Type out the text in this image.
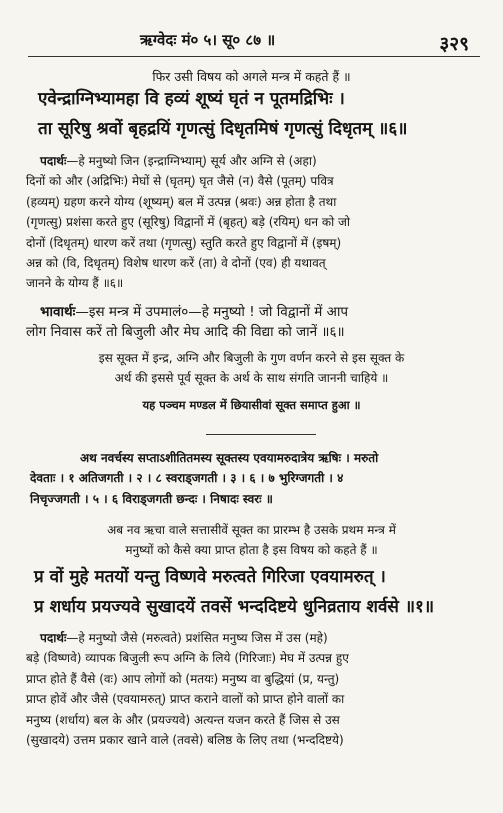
ऋग्वेदः मं० ५। सू० ८७ ॥	३२९

फिर उसी विषय को अगले मन्त्र में कहते हैं ॥

एवेन्द्राग्निभ्यामहा वि हव्यं शूष्यं घृतं न पूतमद्रिभिः ।

ता सूरिषु श्रवों बृहद्रयिं गृणत्सुं दिधृतमिषं गृणत्सुं दिधृतम् ॥६॥

पदार्थः—हे मनुष्यो जिन (इन्द्राग्निभ्याम्) सूर्य और अग्नि से (अहा)

दिनों को और (अद्रिभिः) मेघों से (घृतम्) घृत जैसे (न) वैसे (पूतम्) पवित्र

(हव्यम्) ग्रहण करने योग्य (शूष्यम्) बल में उत्पन्न (श्रवः) अन्न होता है तथा

(गृणत्सु) प्रशंसा करते हुए (सूरिषु) विद्वानों में (बृहत्) बड़े (रयिम्) धन को जो

दोनों (दिधृतम्) धारण करें तथा (गृणत्सु) स्तुति करते हुए विद्वानों में (इषम्)

अन्न को (वि, दिधृतम्) विशेष धारण करें (ता) वे दोनों (एव) ही यथावत्

जानने के योग्य हैं ॥६॥

भावार्थः—इस मन्त्र में उपमालं०—हे मनुष्यो ! जो विद्वानों में आप

लोग निवास करें तो बिजुली और मेघ आदि की विद्या को जानें ॥६॥

इस सूक्त में इन्द्र, अग्नि और बिजुली के गुण वर्णन करने से इस सूक्त के

अर्थ की इससे पूर्व सूक्त के अर्थ के साथ संगति जाननी चाहिये ॥

यह पञ्चम मण्डल में छियासीवां सूक्त समाप्त हुआ ॥

अथ नवर्चस्य सप्ताऽशीतितमस्य सूक्तस्य एवयामरुदात्रेय ऋषिः । मरुतो

देवताः । १ अतिजगती । २ । ८ स्वराड्जगती । ३ । ६ । ७ भुरिग्जगती । ४

निचृज्जगती । ५ । ६ विराड्जगती छन्दः । निषादः स्वरः ॥

अब नव ऋचा वाले सत्तासीवें सूक्त का प्रारम्भ है उसके प्रथम मन्त्र में

मनुष्यों को कैसे क्या प्राप्त होता है इस विषय को कहते हैं ॥

प्र वों मुहे मतयों यन्तु विष्णवे मरुत्वते गिरिजा एवयामरुत् ।

प्र शर्धाय प्रयज्यवे सुखादयें तवसें भन्ददिष्टये धुनिव्रताय शर्वसे ॥१॥

पदार्थः—हे मनुष्यो जैसे (मरुत्वते) प्रशंसित मनुष्य जिस में उस (महे)

बड़े (विष्णवे) व्यापक बिजुली रूप अग्नि के लिये (गिरिजाः) मेघ में उत्पन्न हुए

प्राप्त होते हैं वैसे (वः) आप लोगों को (मतयः) मनुष्य वा बुद्धियां (प्र, यन्तु)

प्राप्त होवें और जैसे (एवयामरुत्) प्राप्त कराने वालों को प्राप्त होने वालों का

मनुष्य (शर्धाय) बल के और (प्रयज्यवे) अत्यन्त यजन करते हैं जिस से उस

(सुखादये) उत्तम प्रकार खाने वाले (तवसे) बलिष्ठ के लिए तथा (भन्ददिष्टये)
